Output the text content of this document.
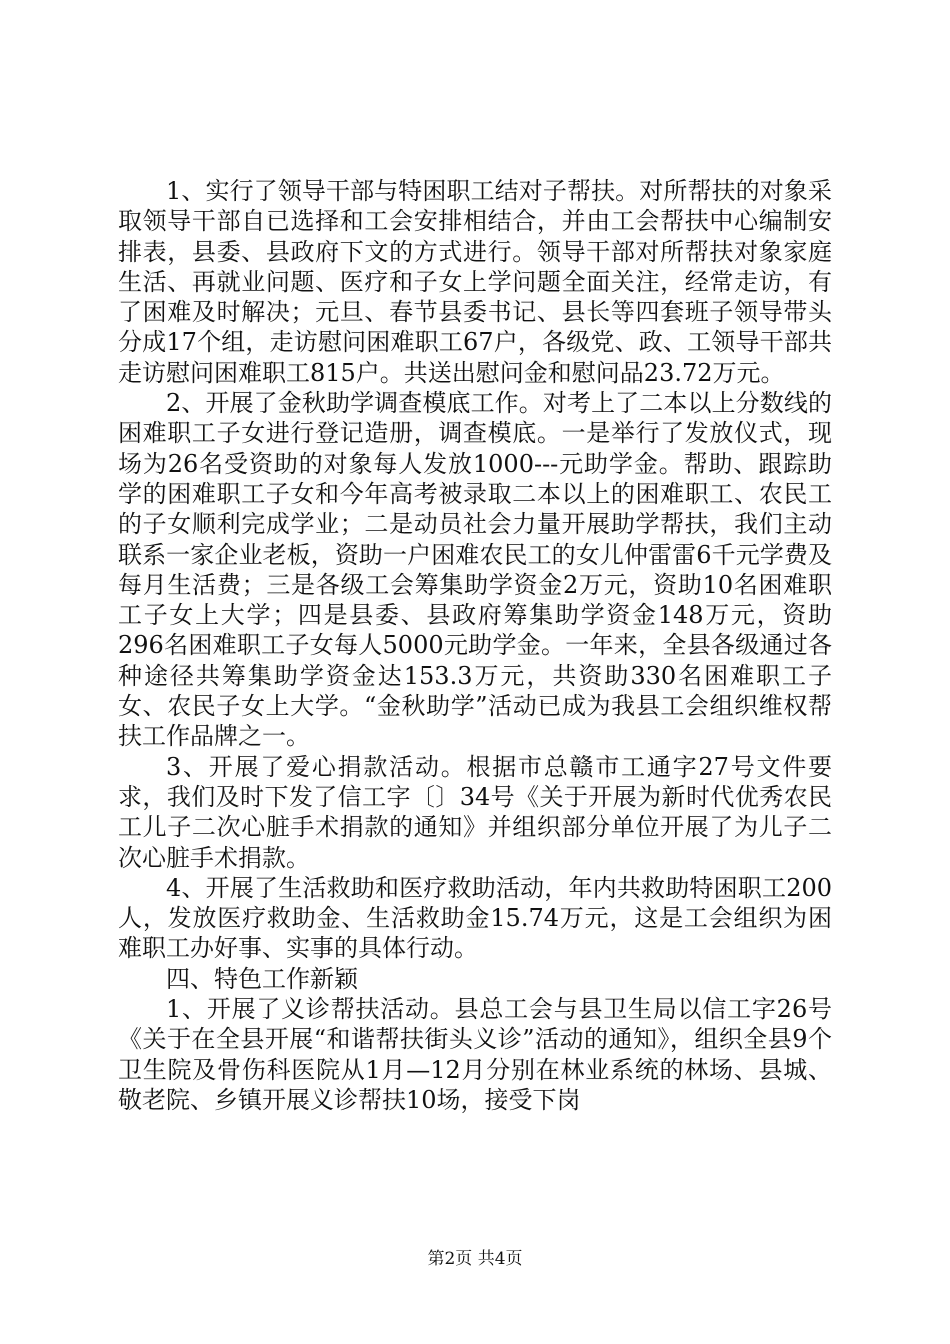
1、实行了领导干部与特困职工结对子帮扶。对所帮扶的对象采取领导干部自已选择和工会安排相结合，并由工会帮扶中心编制安排表，县委、县政府下文的方式进行。领导干部对所帮扶对象家庭生活、再就业问题、医疗和子女上学问题全面关注，经常走访，有了困难及时解决；元旦、春节县委书记、县长等四套班子领导带头分成17个组，走访慰问困难职工67户，各级党、政、工领导干部共走访慰问困难职工815户。共送出慰问金和慰问品23.72万元。

2、开展了金秋助学调查模底工作。对考上了二本以上分数线的困难职工子女进行登记造册，调查模底。一是举行了发放仪式，现场为26名受资助的对象每人发放1000---元助学金。帮助、跟踪助学的困难职工子女和今年高考被录取二本以上的困难职工、农民工的子女顺利完成学业；二是动员社会力量开展助学帮扶，我们主动联系一家企业老板，资助一户困难农民工的女儿仲雷雷6千元学费及每月生活费；三是各级工会筹集助学资金2万元，资助10名困难职工子女上大学；四是县委、县政府筹集助学资金148万元，资助296名困难职工子女每人5000元助学金。一年来，全县各级通过各种途径共筹集助学资金达153.3万元，共资助330名困难职工子女、农民子女上大学。“金秋助学”活动已成为我县工会组织维权帮扶工作品牌之一。

3、开展了爱心捐款活动。根据市总赣市工通字27号文件要求，我们及时下发了信工字〔〕34号《关于开展为新时代优秀农民工儿子二次心脏手术捐款的通知》并组织部分单位开展了为儿子二次心脏手术捐款。

4、开展了生活救助和医疗救助活动，年内共救助特困职工200人，发放医疗救助金、生活救助金15.74万元，这是工会组织为困难职工办好事、实事的具体行动。

四、特色工作新颖

1、开展了义诊帮扶活动。县总工会与县卫生局以信工字26号《关于在全县开展“和谐帮扶街头义诊”活动的通知》，组织全县9个卫生院及骨伤科医院从1月—12月分别在林业系统的林场、县城、敬老院、乡镇开展义诊帮扶10场，接受下岗

第2页 共4页
